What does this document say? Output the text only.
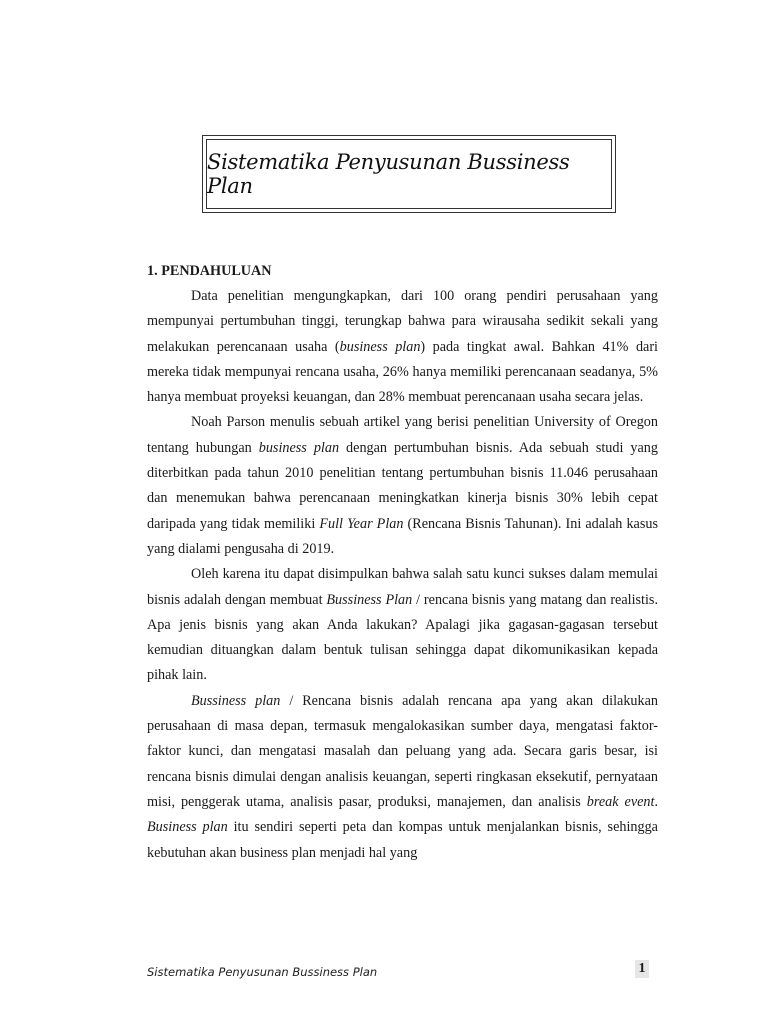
Sistematika Penyusunan Bussiness Plan
1. PENDAHULUAN

Data penelitian mengungkapkan, dari 100 orang pendiri perusahaan yang mempunyai pertumbuhan tinggi, terungkap bahwa para wirausaha sedikit sekali yang melakukan perencanaan usaha (business plan) pada tingkat awal. Bahkan 41% dari mereka tidak mempunyai rencana usaha, 26% hanya memiliki perencanaan seadanya, 5% hanya membuat proyeksi keuangan, dan 28% membuat perencanaan usaha secara jelas.

Noah Parson menulis sebuah artikel yang berisi penelitian University of Oregon tentang hubungan business plan dengan pertumbuhan bisnis. Ada sebuah studi yang diterbitkan pada tahun 2010 penelitian tentang pertumbuhan bisnis 11.046 perusahaan dan menemukan bahwa perencanaan meningkatkan kinerja bisnis 30% lebih cepat daripada yang tidak memiliki Full Year Plan (Rencana Bisnis Tahunan). Ini adalah kasus yang dialami pengusaha di 2019.

Oleh karena itu dapat disimpulkan bahwa salah satu kunci sukses dalam memulai bisnis adalah dengan membuat Bussiness Plan / rencana bisnis yang matang dan realistis. Apa jenis bisnis yang akan Anda lakukan? Apalagi jika gagasan-gagasan tersebut kemudian dituangkan dalam bentuk tulisan sehingga dapat dikomunikasikan kepada pihak lain.

Bussiness plan / Rencana bisnis adalah rencana apa yang akan dilakukan perusahaan di masa depan, termasuk mengalokasikan sumber daya, mengatasi faktor-faktor kunci, dan mengatasi masalah dan peluang yang ada. Secara garis besar, isi rencana bisnis dimulai dengan analisis keuangan, seperti ringkasan eksekutif, pernyataan misi, penggerak utama, analisis pasar, produksi, manajemen, dan analisis break event. Business plan itu sendiri seperti peta dan kompas untuk menjalankan bisnis, sehingga kebutuhan akan business plan menjadi hal yang

Sistematika Penyusunan Bussiness Plan	1
